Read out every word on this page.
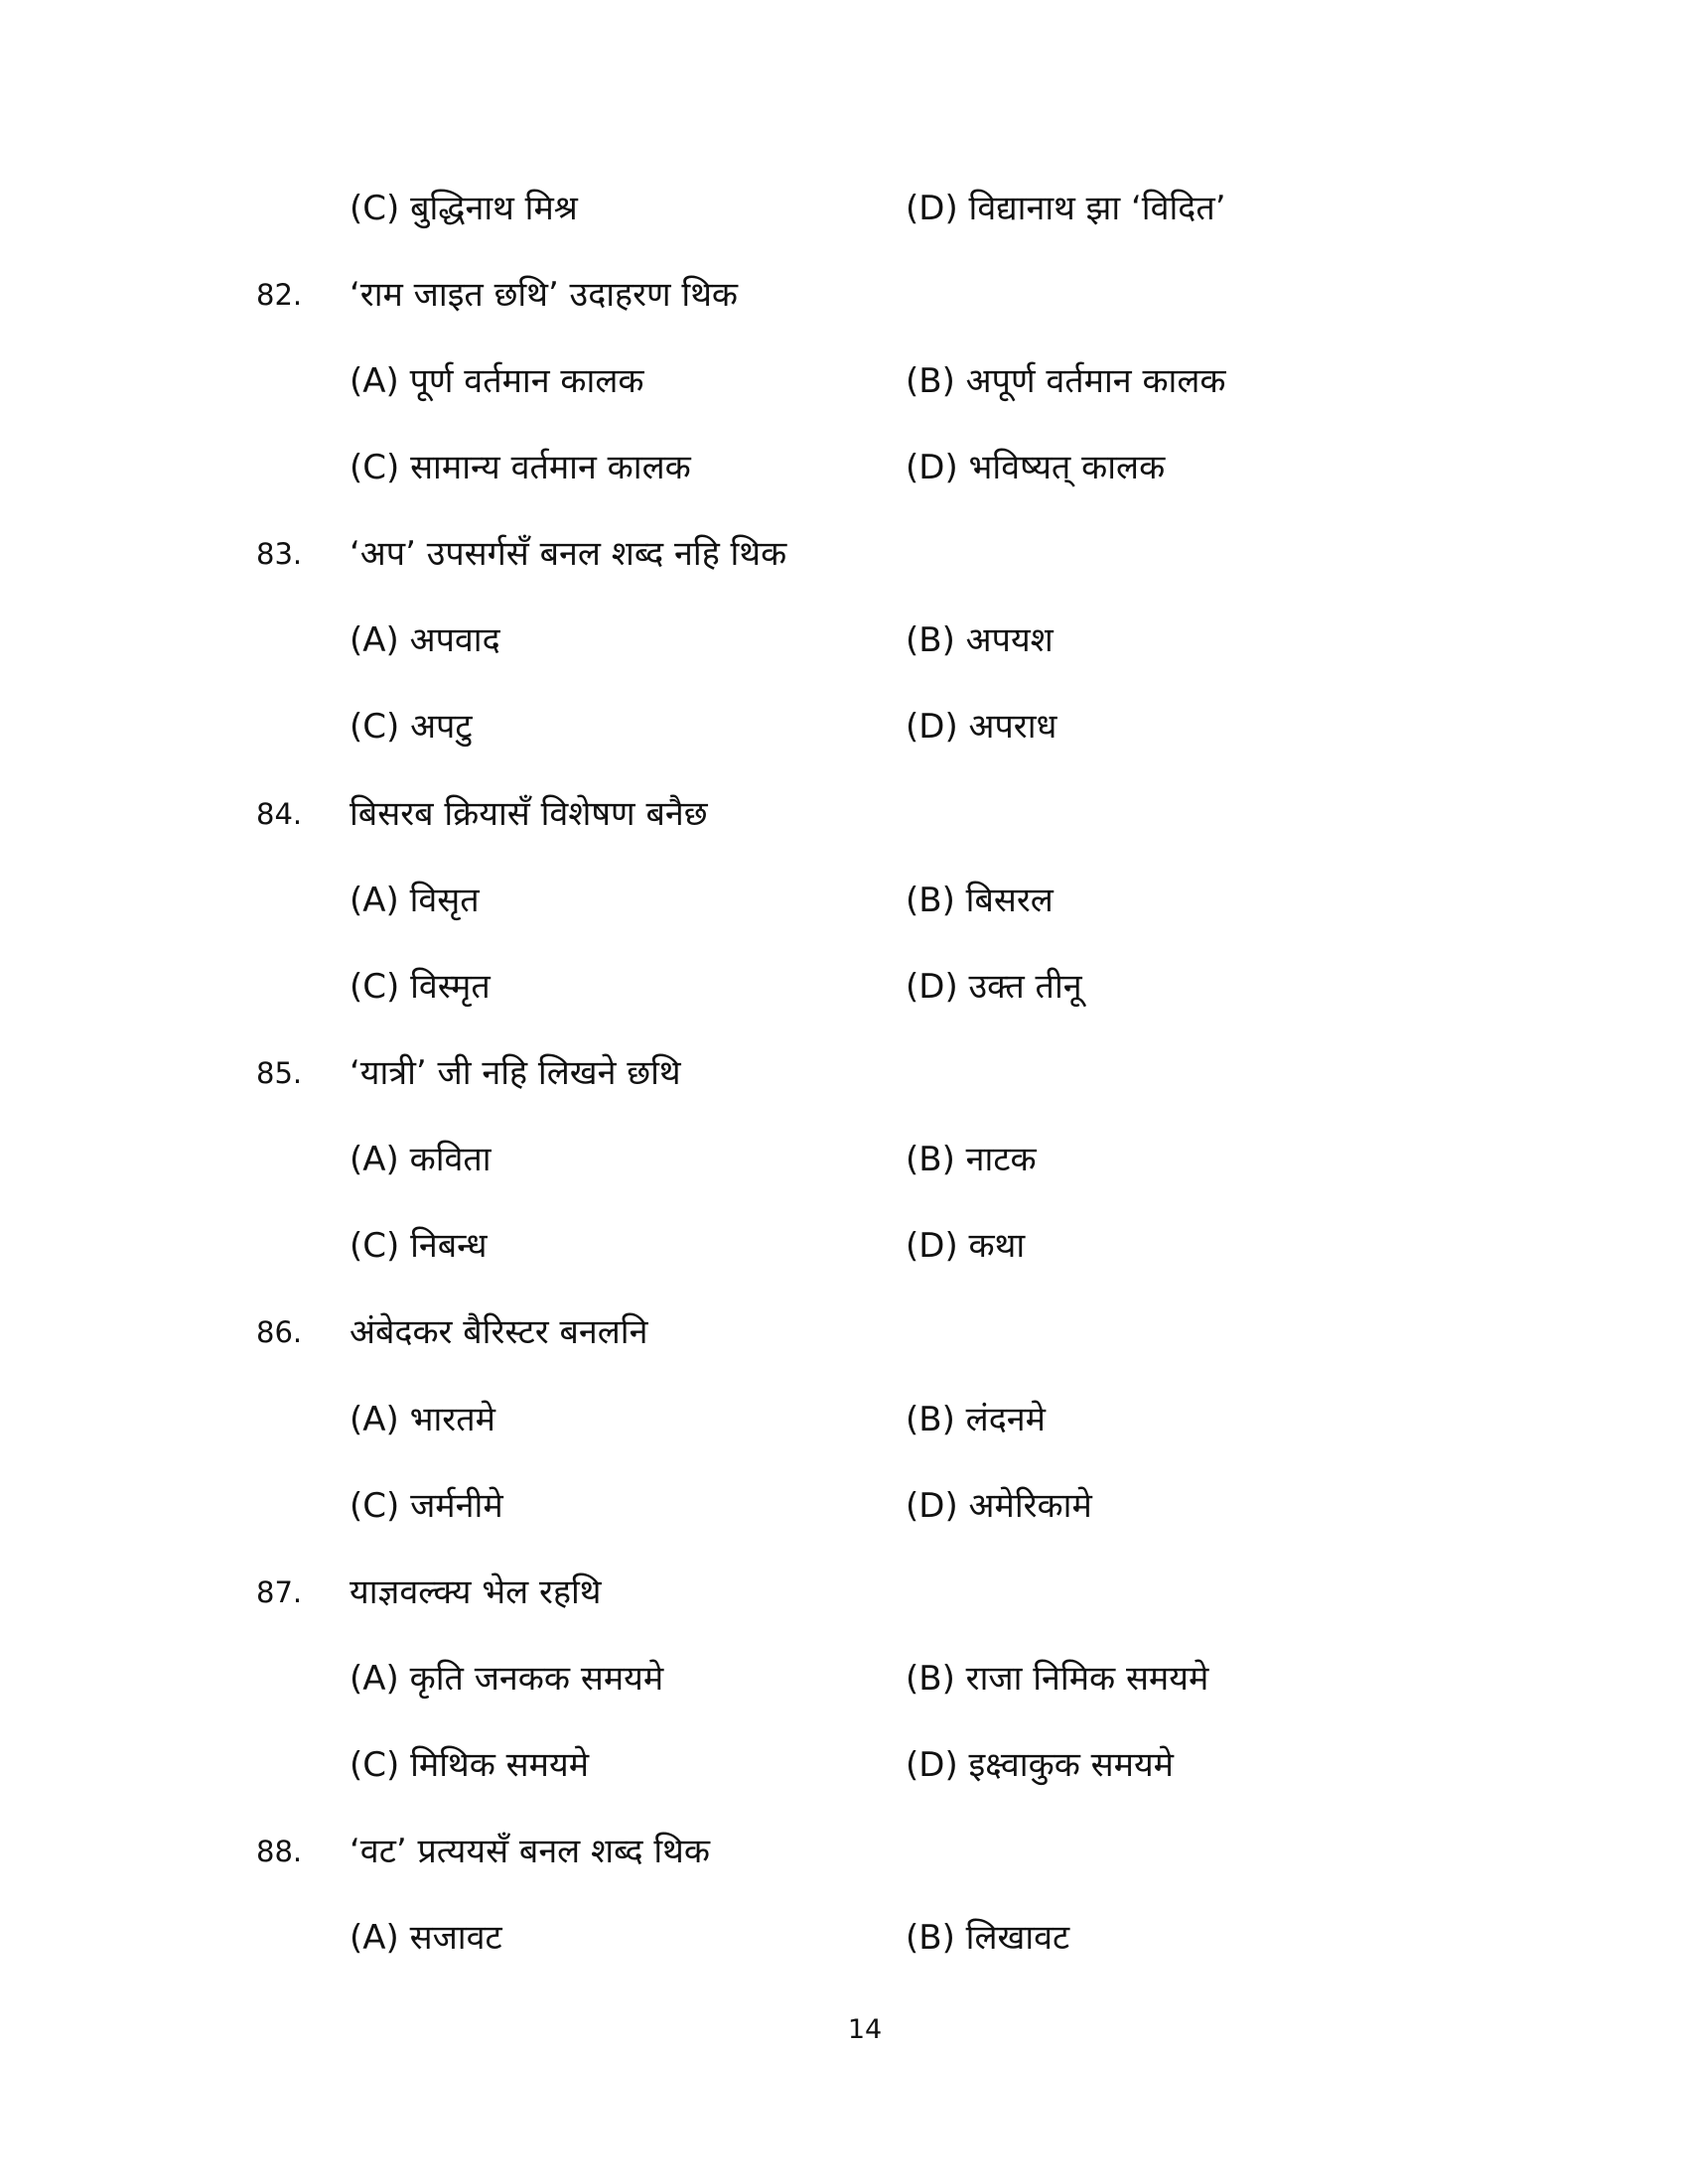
(C) बुद्धिनाथ मिश्र	(D) विद्यानाथ झा ‘विदित’
82. ‘राम जाइत छथि’ उदाहरण थिक
(A) पूर्ण वर्तमान कालक	(B) अपूर्ण वर्तमान कालक
(C) सामान्य वर्तमान कालक	(D) भविष्यत् कालक
83. ‘अप’ उपसर्गसँ बनल शब्द नहि थिक
(A) अपवाद	(B) अपयश
(C) अपटु	(D) अपराध
84. बिसरब क्रियासँ विशेषण बनैछ
(A) विसृत	(B) बिसरल
(C) विस्मृत	(D) उक्त तीनू
85. ‘यात्री’ जी नहि लिखने छथि
(A) कविता	(B) नाटक
(C) निबन्ध	(D) कथा
86. अंबेदकर बैरिस्टर बनलनि
(A) भारतमे	(B) लंदनमे
(C) जर्मनीमे	(D) अमेरिकामे
87. याज्ञवल्क्य भेल रहथि
(A) कृति जनकक समयमे	(B) राजा निमिक समयमे
(C) मिथिक समयमे	(D) इक्ष्वाकुक समयमे
88. ‘वट’ प्रत्ययसँ बनल शब्द थिक
(A) सजावट	(B) लिखावट
14
